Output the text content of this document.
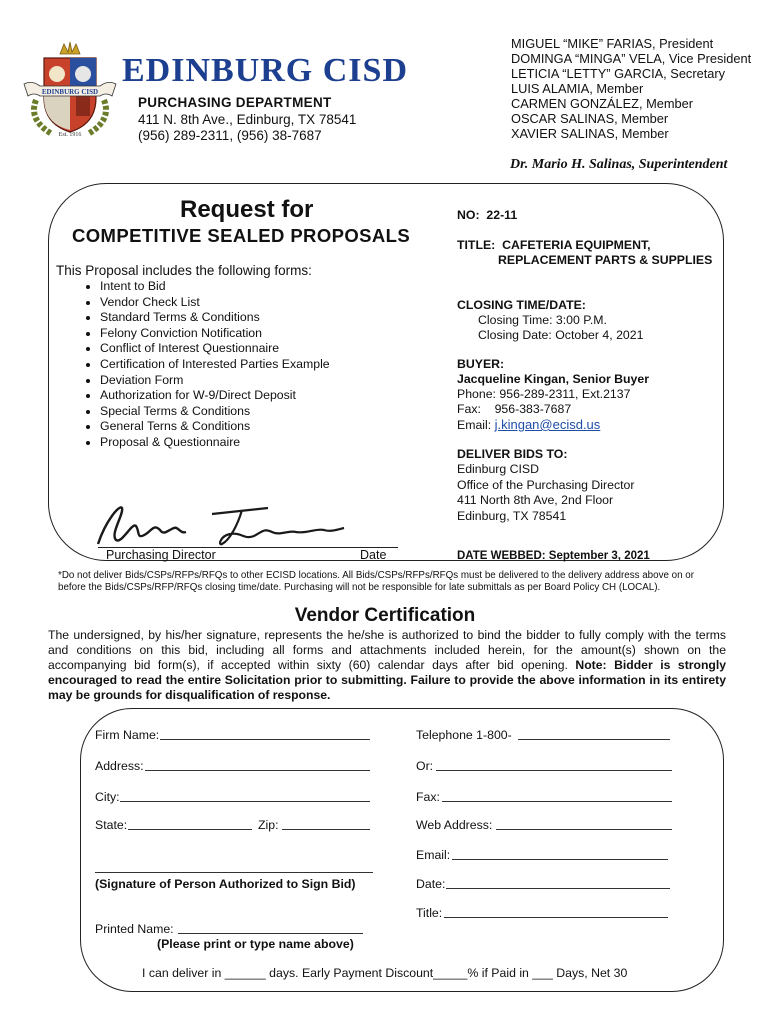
EDINBURG CISD
Est. 1916
EDINBURG CISD
PURCHASING DEPARTMENT
411 N. 8th Ave., Edinburg, TX 78541
(956) 289-2311, (956) 38-7687
MIGUEL “MIKE” FARIAS, President
DOMINGA “MINGA” VELA, Vice President
LETICIA “LETTY” GARCIA, Secretary
LUIS ALAMIA, Member
CARMEN GONZÁLEZ, Member
OSCAR SALINAS, Member
XAVIER SALINAS, Member
Dr. Mario H. Salinas, Superintendent
Request for
COMPETITIVE SEALED PROPOSALS
This Proposal includes the following forms:
• Intent to Bid
• Vendor Check List
• Standard Terms & Conditions
• Felony Conviction Notification
• Conflict of Interest Questionnaire
• Certification of Interested Parties Example
• Deviation Form
• Authorization for W-9/Direct Deposit
• Special Terms & Conditions
• General Terns & Conditions
• Proposal & Questionnaire
NO: 22-11
TITLE: CAFETERIA EQUIPMENT,
REPLACEMENT PARTS & SUPPLIES
CLOSING TIME/DATE:
Closing Time: 3:00 P.M.
Closing Date: October 4, 2021
BUYER:
Jacqueline Kingan, Senior Buyer
Phone: 956-289-2311, Ext.2137
Fax:    956-383-7687
Email: j.kingan@ecisd.us
DELIVER BIDS TO:
Edinburg CISD
Office of the Purchasing Director
411 North 8th Ave, 2nd Floor
Edinburg, TX 78541
Purchasing Director	Date	DATE WEBBED: September 3, 2021
*Do not deliver Bids/CSPs/RFPs/RFQs to other ECISD locations. All Bids/CSPs/RFPs/RFQs must be delivered to the delivery address above on or before the Bids/CSPs/RFP/RFQs closing time/date. Purchasing will not be responsible for late submittals as per Board Policy CH (LOCAL).
Vendor Certification
The undersigned, by his/her signature, represents the he/she is authorized to bind the bidder to fully comply with the terms and conditions on this bid, including all forms and attachments included herein, for the amount(s) shown on the accompanying bid form(s), if accepted within sixty (60) calendar days after bid opening. Note: Bidder is strongly encouraged to read the entire Solicitation prior to submitting. Failure to provide the above information in its entirety may be grounds for disqualification of response.
Firm Name:
Address:
City:
State:	Zip:
(Signature of Person Authorized to Sign Bid)
Printed Name:
(Please print or type name above)
Telephone 1-800-
Or:
Fax:
Web Address:
Email:
Date:
Title:
I can deliver in ______ days. Early Payment Discount_____% if Paid in ___ Days, Net 30
